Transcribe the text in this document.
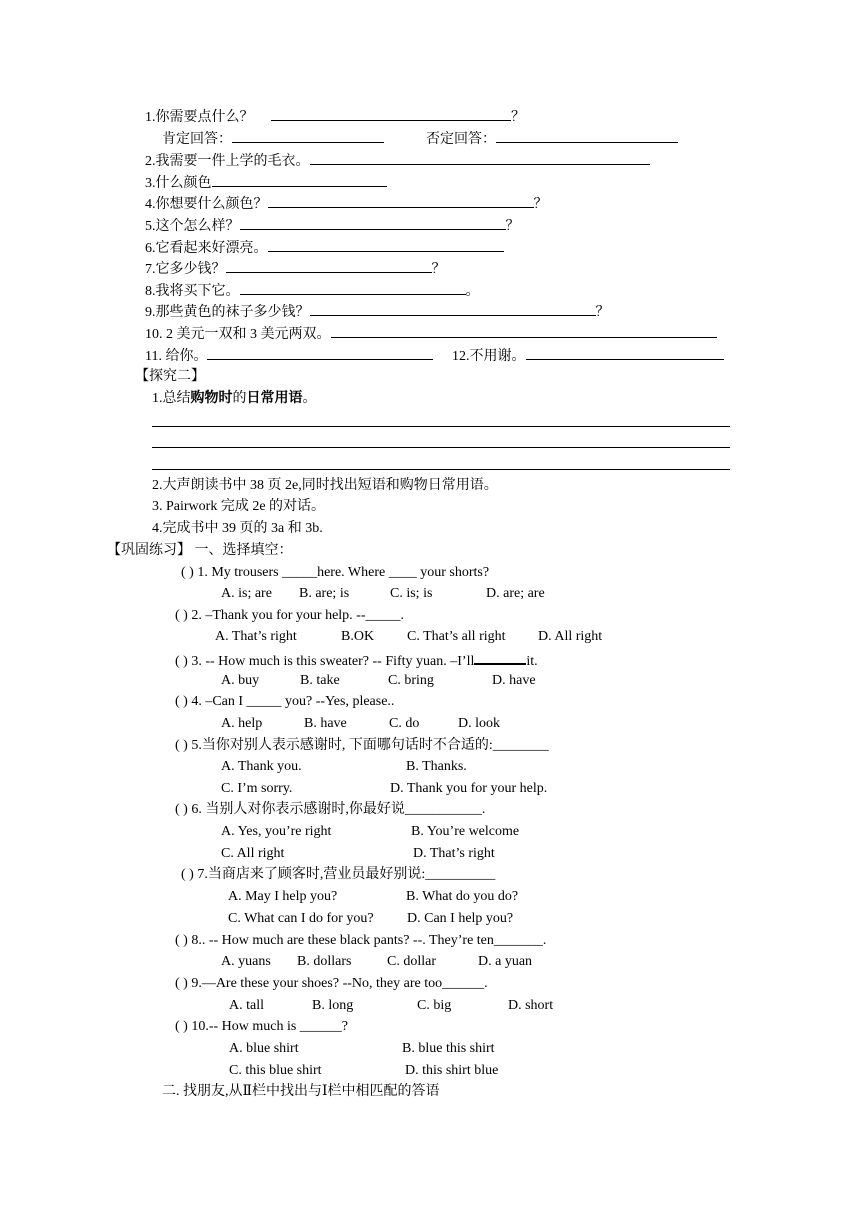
1.你需要点什么？	？
肯定回答：	否定回答：
2.我需要一件上学的毛衣。
3.什么颜色
4.你想要什么颜色？	？
5.这个怎么样？	？
6.它看起来好漂亮。
7.它多少钱？	？
8.我将买下它。	。
9.那些黄色的袜子多少钱？	？
10. 2 美元一双和 3 美元两双。
11. 给你。	12.不用谢。
【探究二】
1.总结购物时的日常用语。
2.大声朗读书中 38 页 2e,同时找出短语和购物日常用语。
3. Pairwork 完成 2e 的对话。
4.完成书中 39 页的 3a 和 3b.
【巩固练习】 一、选择填空：
( ) 1. My trousers _____here. Where ____ your shorts?
A. is; are B. are; is	C. is; is	D. are; are
( ) 2. –Thank you for your help. --_____.
A. That’s right	B.OK C. That’s all right D. All right
( ) 3. -- How much is this sweater? -- Fifty yuan. –I’ll	it.
A. buy	B. take	C. bring	D. have
( ) 4. –Can I _____ you? --Yes, please..
A. help	B. have	C. do	D. look
( ) 5.当你对别人表示感谢时, 下面哪句话时不合适的:________
A. Thank you.	B. Thanks.
C. I’m sorry.	D. Thank you for your help.
( ) 6. 当别人对你表示感谢时,你最好说___________.
A. Yes, you’re right	B. You’re welcome
C. All right	D. That’s right
( ) 7.当商店来了顾客时,营业员最好别说:__________
A. May I help you?	B. What do you do?
C. What can I do for you? D. Can I help you?
( ) 8.. -- How much are these black pants? --. They’re ten_______.
A. yuans B. dollars	C. dollar	D. a yuan
( ) 9.—Are these your shoes? --No, they are too______.
A. tall	B. long	C. big	D. short
( ) 10.-- How much is ______?
A. blue shirt	B. blue this shirt
C. this blue shirt	D. this shirt blue
二. 找朋友,从Ⅱ栏中找出与Ⅰ栏中相匹配的答语
